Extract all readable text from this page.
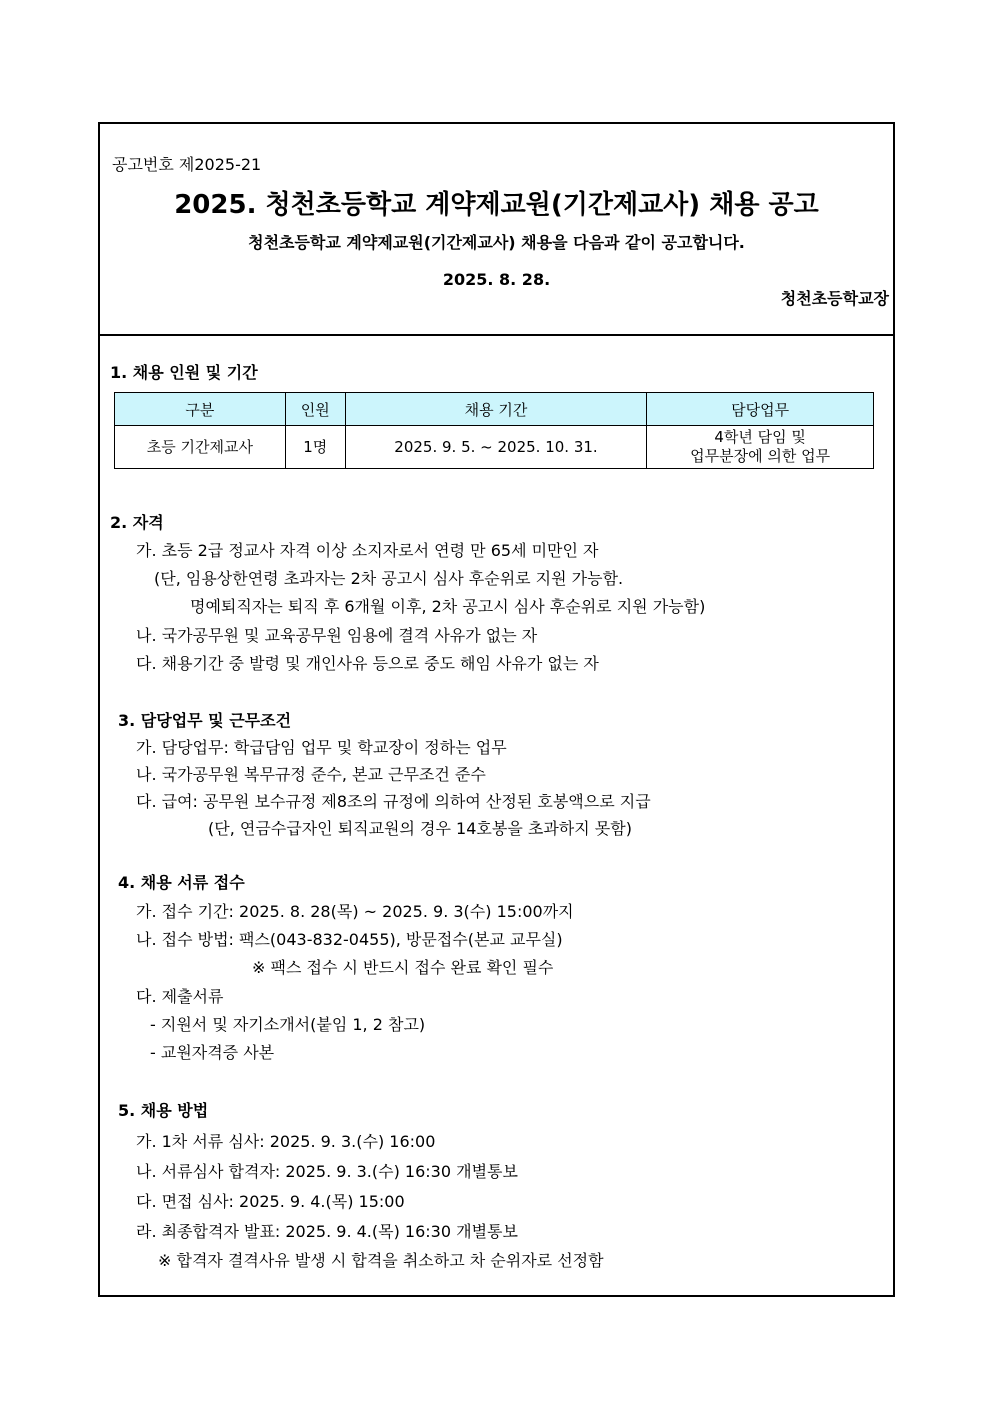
공고번호 제2025-21
2025. 청천초등학교 계약제교원(기간제교사) 채용 공고
청천초등학교 계약제교원(기간제교사) 채용을 다음과 같이 공고합니다.
2025. 8. 28.
청천초등학교장
1. 채용 인원 및 기간
구분	인원	채용 기간	담당업무
초등 기간제교사	1명	2025. 9. 5. ~ 2025. 10. 31.	4학년 담임 및
업무분장에 의한 업무
2. 자격
가. 초등 2급 정교사 자격 이상 소지자로서 연령 만 65세 미만인 자
(단, 임용상한연령 초과자는 2차 공고시 심사 후순위로 지원 가능함.
명예퇴직자는 퇴직 후 6개월 이후, 2차 공고시 심사 후순위로 지원 가능함)
나. 국가공무원 및 교육공무원 임용에 결격 사유가 없는 자
다. 채용기간 중 발령 및 개인사유 등으로 중도 해임 사유가 없는 자
3. 담당업무 및 근무조건
가. 담당업무: 학급담임 업무 및 학교장이 정하는 업무
나. 국가공무원 복무규정 준수, 본교 근무조건 준수
다. 급여: 공무원 보수규정 제8조의 규정에 의하여 산정된 호봉액으로 지급
(단, 연금수급자인 퇴직교원의 경우 14호봉을 초과하지 못함)
4. 채용 서류 접수
가. 접수 기간: 2025. 8. 28(목) ~ 2025. 9. 3(수) 15:00까지
나. 접수 방법: 팩스(043-832-0455), 방문접수(본교 교무실)
※ 팩스 접수 시 반드시 접수 완료 확인 필수
다. 제출서류
- 지원서 및 자기소개서(붙임 1, 2 참고)
- 교원자격증 사본
5. 채용 방법
가. 1차 서류 심사: 2025. 9. 3.(수) 16:00
나. 서류심사 합격자: 2025. 9. 3.(수) 16:30 개별통보
다. 면접 심사: 2025. 9. 4.(목) 15:00
라. 최종합격자 발표: 2025. 9. 4.(목) 16:30 개별통보
※ 합격자 결격사유 발생 시 합격을 취소하고 차 순위자로 선정함
